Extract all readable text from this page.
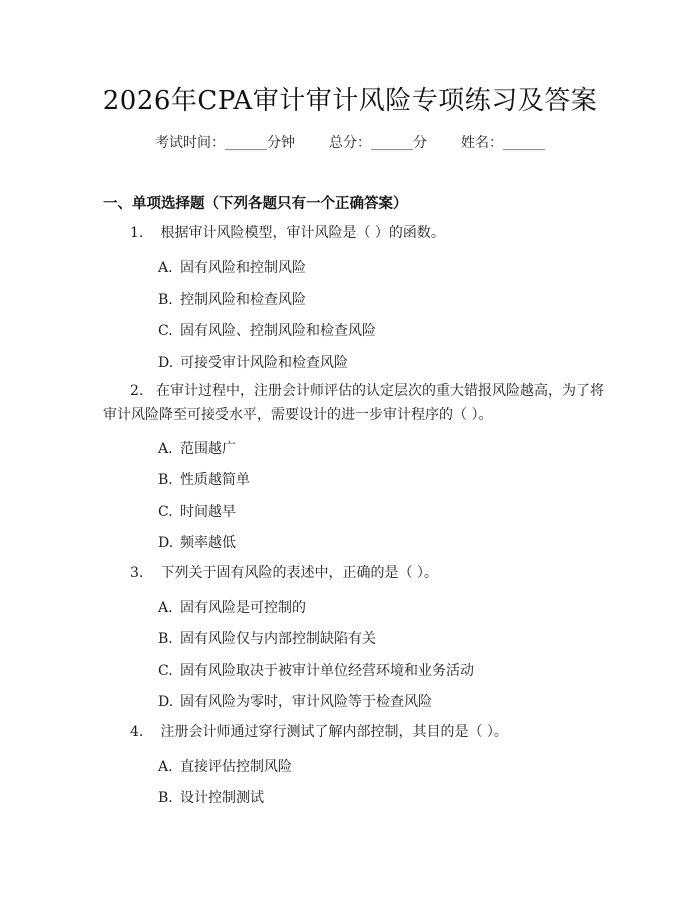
2026年CPA审计审计风险专项练习及答案
考试时间：______分钟 总分：______分 姓名：______
一、单项选择题（下列各题只有一个正确答案）
1. 根据审计风险模型，审计风险是（ ）的函数。
A. 固有风险和控制风险
B. 控制风险和检查风险
C. 固有风险、控制风险和检查风险
D. 可接受审计风险和检查风险
2. 在审计过程中，注册会计师评估的认定层次的重大错报风险越高，为了将
审计风险降至可接受水平，需要设计的进一步审计程序的（ ）。
A. 范围越广
B. 性质越简单
C. 时间越早
D. 频率越低
3. 下列关于固有风险的表述中，正确的是（ ）。
A. 固有风险是可控制的
B. 固有风险仅与内部控制缺陷有关
C. 固有风险取决于被审计单位经营环境和业务活动
D. 固有风险为零时，审计风险等于检查风险
4. 注册会计师通过穿行测试了解内部控制，其目的是（ ）。
A. 直接评估控制风险
B. 设计控制测试
